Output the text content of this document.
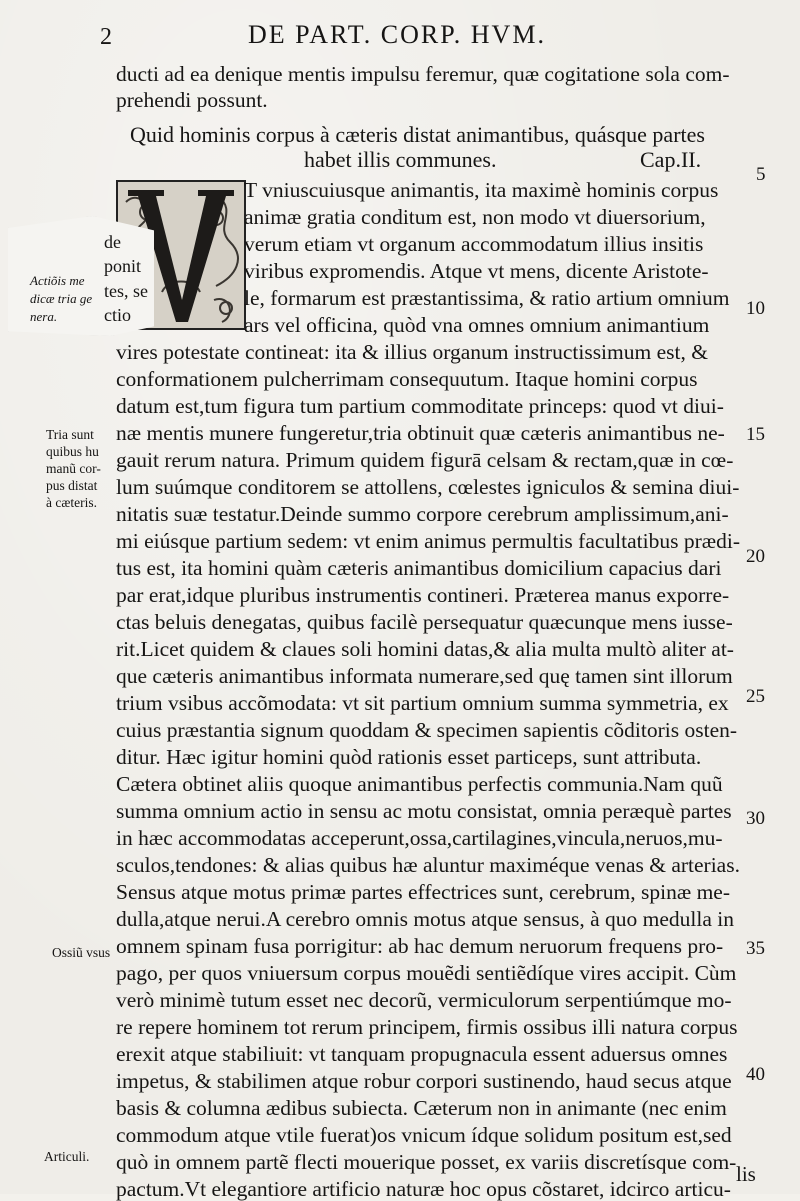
2	DE PART. CORP. HVM.
ducti ad ea denique mentis impulsu feremur, quæ cogitatione sola com-
prehendi possunt.
Quid hominis corpus à cæteris distat animantibus, quásque partes
habet illis communes.	Cap.II.
T vniuscuiusque animantis, ita maximè hominis corpus
animæ gratia conditum est, non modo vt diuersorium,
verum etiam vt organum accommodatum illius insitis
viribus expromendis. Atque vt mens, dicente Aristote-
le, formarum est præstantissima, & ratio artium omnium
ars vel officina, quòd vna omnes omnium animantium
vires potestate contineat: ita & illius organum instructissimum est, &
conformationem pulcherrimam consequutum. Itaque homini corpus
datum est,tum figura tum partium commoditate princeps: quod vt diui-
næ mentis munere fungeretur,tria obtinuit quæ cæteris animantibus ne-
gauit rerum natura. Primum quidem figurā celsam & rectam,quæ in cœ-
lum suúmque conditorem se attollens, cœlestes igniculos & semina diui-
nitatis suæ testatur.Deinde summo corpore cerebrum amplissimum,ani-
mi eiúsque partium sedem: vt enim animus permultis facultatibus prædi-
tus est, ita homini quàm cæteris animantibus domicilium capacius dari
par erat,idque pluribus instrumentis contineri. Præterea manus exporre-
ctas beluis denegatas, quibus facilè persequatur quæcunque mens iusse-
rit.Licet quidem & claues soli homini datas,& alia multa multò aliter at-
que cæteris animantibus informata numerare,sed quę tamen sint illorum
trium vsibus accõmodata: vt sit partium omnium summa symmetria, ex
cuius præstantia signum quoddam & specimen sapientis cõditoris osten-
ditur. Hæc igitur homini quòd rationis esset particeps, sunt attributa.
Cætera obtinet aliis quoque animantibus perfectis communia.Nam quũ
summa omnium actio in sensu ac motu consistat, omnia peræquè partes
in hæc accommodatas acceperunt,ossa,cartilagines,vincula,neruos,mu-
sculos,tendones: & alias quibus hæ aluntur maximéque venas & arterias.
Sensus atque motus primæ partes effectrices sunt, cerebrum, spinæ me-
dulla,atque nerui.A cerebro omnis motus atque sensus, à quo medulla in
omnem spinam fusa porrigitur: ab hac demum neruorum frequens pro-
pago, per quos vniuersum corpus mouẽdi sentiẽdíque vires accipit. Cùm
verò minimè tutum esset nec decorũ, vermiculorum serpentiúmque mo-
re repere hominem tot rerum principem, firmis ossibus illi natura corpus
erexit atque stabiliuit: vt tanquam propugnacula essent aduersus omnes
impetus, & stabilimen atque robur corpori sustinendo, haud secus atque
basis & columna ædibus subiecta. Cæterum non in animante (nec enim
commodum atque vtile fuerat)os vnicum ídque solidum positum est,sed
quò in omnem partẽ flecti mouerique posset, ex variis discretísque com-
pactum.Vt elegantiore artificio naturæ hoc opus cõstaret, idcirco articu-
lis
de
ponit
tes, se
ctio
Actiõis me
dicæ tria ge
nera.
Tria sunt
quibus hu
manũ cor-
pus distat
à cæteris.
Ossiũ vsus
Articuli.
5
10
15
20
25
30
35
40
